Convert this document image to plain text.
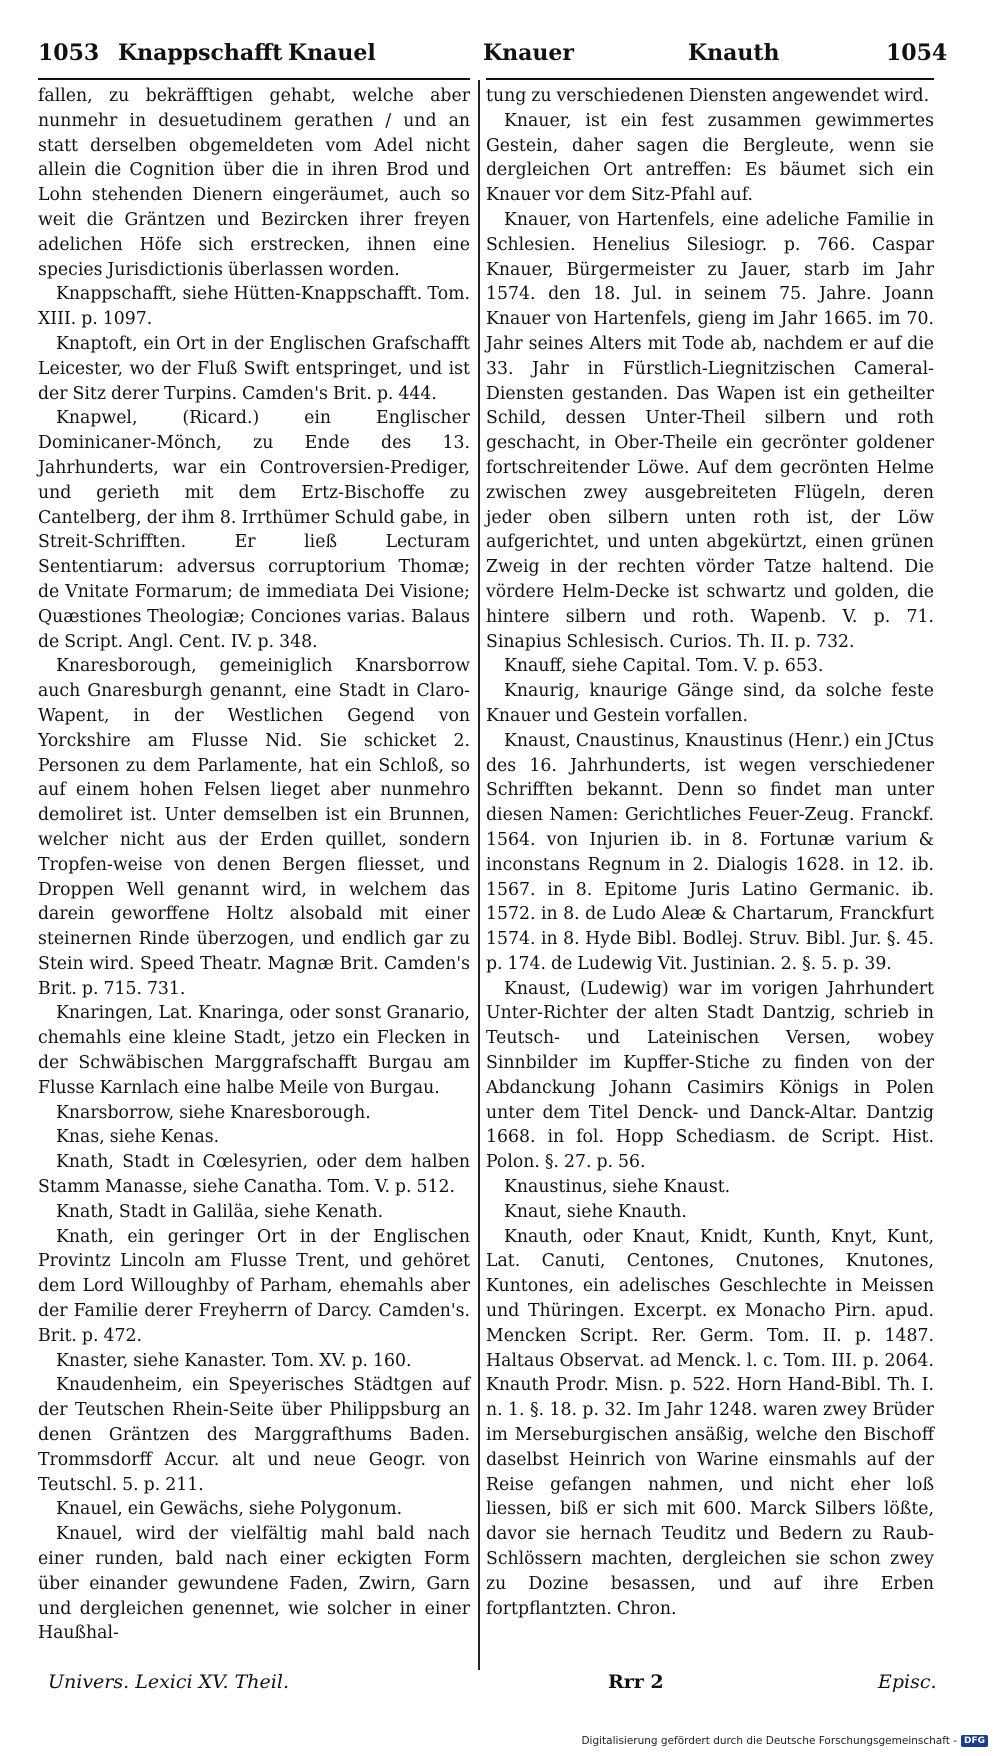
1053 Knappschafft Knauel	Knauer	Knauth	1054

fallen, zu bekräfftigen gehabt, welche aber nunmehr in desuetudinem gerathen / und an statt derselben obgemeldeten vom Adel nicht allein die Cognition über die in ihren Brod und Lohn stehenden Dienern eingeräumet, auch so weit die Gräntzen und Bezircken ihrer freyen adelichen Höfe sich erstrecken, ihnen eine species Jurisdictionis überlassen worden.

Knappschafft, siehe Hütten-Knappschafft. Tom. XIII. p. 1097.

Knaptoft, ein Ort in der Englischen Grafschafft Leicester, wo der Fluß Swift entspringet, und ist der Sitz derer Turpins. Camden's Brit. p. 444.

Knapwel, (Ricard.) ein Englischer Dominicaner-Mönch, zu Ende des 13. Jahrhunderts, war ein Controversien-Prediger, und gerieth mit dem Ertz-Bischoffe zu Cantelberg, der ihm 8. Irrthümer Schuld gabe, in Streit-Schrifften. Er ließ Lecturam Sententiarum: adversus corruptorium Thomæ; de Vnitate Formarum; de immediata Dei Visione; Quæstiones Theologiæ; Conciones varias. Balaus de Script. Angl. Cent. IV. p. 348.

Knaresborough, gemeiniglich Knarsborrow auch Gnaresburgh genannt, eine Stadt in Claro-Wapent, in der Westlichen Gegend von Yorckshire am Flusse Nid. Sie schicket 2. Personen zu dem Parlamente, hat ein Schloß, so auf einem hohen Felsen lieget aber nunmehro demoliret ist. Unter demselben ist ein Brunnen, welcher nicht aus der Erden quillet, sondern Tropfen-weise von denen Bergen fliesset, und Droppen Well genannt wird, in welchem das darein geworffene Holtz alsobald mit einer steinernen Rinde überzogen, und endlich gar zu Stein wird. Speed Theatr. Magnæ Brit. Camden's Brit. p. 715. 731.

Knaringen, Lat. Knaringa, oder sonst Granario, chemahls eine kleine Stadt, jetzo ein Flecken in der Schwäbischen Marggrafschafft Burgau am Flusse Karnlach eine halbe Meile von Burgau.

Knarsborrow, siehe Knaresborough.

Knas, siehe Kenas.

Knath, Stadt in Cœlesyrien, oder dem halben Stamm Manasse, siehe Canatha. Tom. V. p. 512.

Knath, Stadt in Galiläa, siehe Kenath.

Knath, ein geringer Ort in der Englischen Provintz Lincoln am Flusse Trent, und gehöret dem Lord Willoughby of Parham, ehemahls aber der Familie derer Freyherrn of Darcy. Camden's. Brit. p. 472.

Knaster, siehe Kanaster. Tom. XV. p. 160.

Knaudenheim, ein Speyerisches Städtgen auf der Teutschen Rhein-Seite über Philippsburg an denen Gräntzen des Marggrafthums Baden. Trommsdorff Accur. alt und neue Geogr. von Teutschl. 5. p. 211.

Knauel, ein Gewächs, siehe Polygonum.

Knauel, wird der vielfältig mahl bald nach einer runden, bald nach einer eckigten Form über einander gewundene Faden, Zwirn, Garn und dergleichen genennet, wie solcher in einer Haußhal-

tung zu verschiedenen Diensten angewendet wird.

Knauer, ist ein fest zusammen gewimmertes Gestein, daher sagen die Bergleute, wenn sie dergleichen Ort antreffen: Es bäumet sich ein Knauer vor dem Sitz-Pfahl auf.

Knauer, von Hartenfels, eine adeliche Familie in Schlesien. Henelius Silesiogr. p. 766. Caspar Knauer, Bürgermeister zu Jauer, starb im Jahr 1574. den 18. Jul. in seinem 75. Jahre. Joann Knauer von Hartenfels, gieng im Jahr 1665. im 70. Jahr seines Alters mit Tode ab, nachdem er auf die 33. Jahr in Fürstlich-Liegnitzischen Cameral-Diensten gestanden. Das Wapen ist ein getheilter Schild, dessen Unter-Theil silbern und roth geschacht, in Ober-Theile ein gecrönter goldener fortschreitender Löwe. Auf dem gecrönten Helme zwischen zwey ausgebreiteten Flügeln, deren jeder oben silbern unten roth ist, der Löw aufgerichtet, und unten abgekürtzt, einen grünen Zweig in der rechten vörder Tatze haltend. Die vördere Helm-Decke ist schwartz und golden, die hintere silbern und roth. Wapenb. V. p. 71. Sinapius Schlesisch. Curios. Th. II. p. 732.

Knauff, siehe Capital. Tom. V. p. 653.

Knaurig, knaurige Gänge sind, da solche feste Knauer und Gestein vorfallen.

Knaust, Cnaustinus, Knaustinus (Henr.) ein JCtus des 16. Jahrhunderts, ist wegen verschiedener Schrifften bekannt. Denn so findet man unter diesen Namen: Gerichtliches Feuer-Zeug. Franckf. 1564. von Injurien ib. in 8. Fortunæ varium & inconstans Regnum in 2. Dialogis 1628. in 12. ib. 1567. in 8. Epitome Juris Latino Germanic. ib. 1572. in 8. de Ludo Aleæ & Chartarum, Franckfurt 1574. in 8. Hyde Bibl. Bodlej. Struv. Bibl. Jur. §. 45. p. 174. de Ludewig Vit. Justinian. 2. §. 5. p. 39.

Knaust, (Ludewig) war im vorigen Jahrhundert Unter-Richter der alten Stadt Dantzig, schrieb in Teutsch- und Lateinischen Versen, wobey Sinnbilder im Kupffer-Stiche zu finden von der Abdanckung Johann Casimirs Königs in Polen unter dem Titel Denck- und Danck-Altar. Dantzig 1668. in fol. Hopp Schediasm. de Script. Hist. Polon. §. 27. p. 56.

Knaustinus, siehe Knaust.

Knaut, siehe Knauth.

Knauth, oder Knaut, Knidt, Kunth, Knyt, Kunt, Lat. Canuti, Centones, Cnutones, Knutones, Kuntones, ein adelisches Geschlechte in Meissen und Thüringen. Excerpt. ex Monacho Pirn. apud. Mencken Script. Rer. Germ. Tom. II. p. 1487. Haltaus Observat. ad Menck. l. c. Tom. III. p. 2064. Knauth Prodr. Misn. p. 522. Horn Hand-Bibl. Th. I. n. 1. §. 18. p. 32. Im Jahr 1248. waren zwey Brüder im Merseburgischen ansäßig, welche den Bischoff daselbst Heinrich von Warine einsmahls auf der Reise gefangen nahmen, und nicht eher loß liessen, biß er sich mit 600. Marck Silbers lößte, davor sie hernach Teuditz und Bedern zu Raub-Schlössern machten, dergleichen sie schon zwey zu Dozine besassen, und auf ihre Erben fortpflantzten. Chron.

Univers. Lexici XV. Theil.	Rrr 2	Episc.
Digitalisierung gefördert durch die Deutsche Forschungsgemeinschaft - DFG
